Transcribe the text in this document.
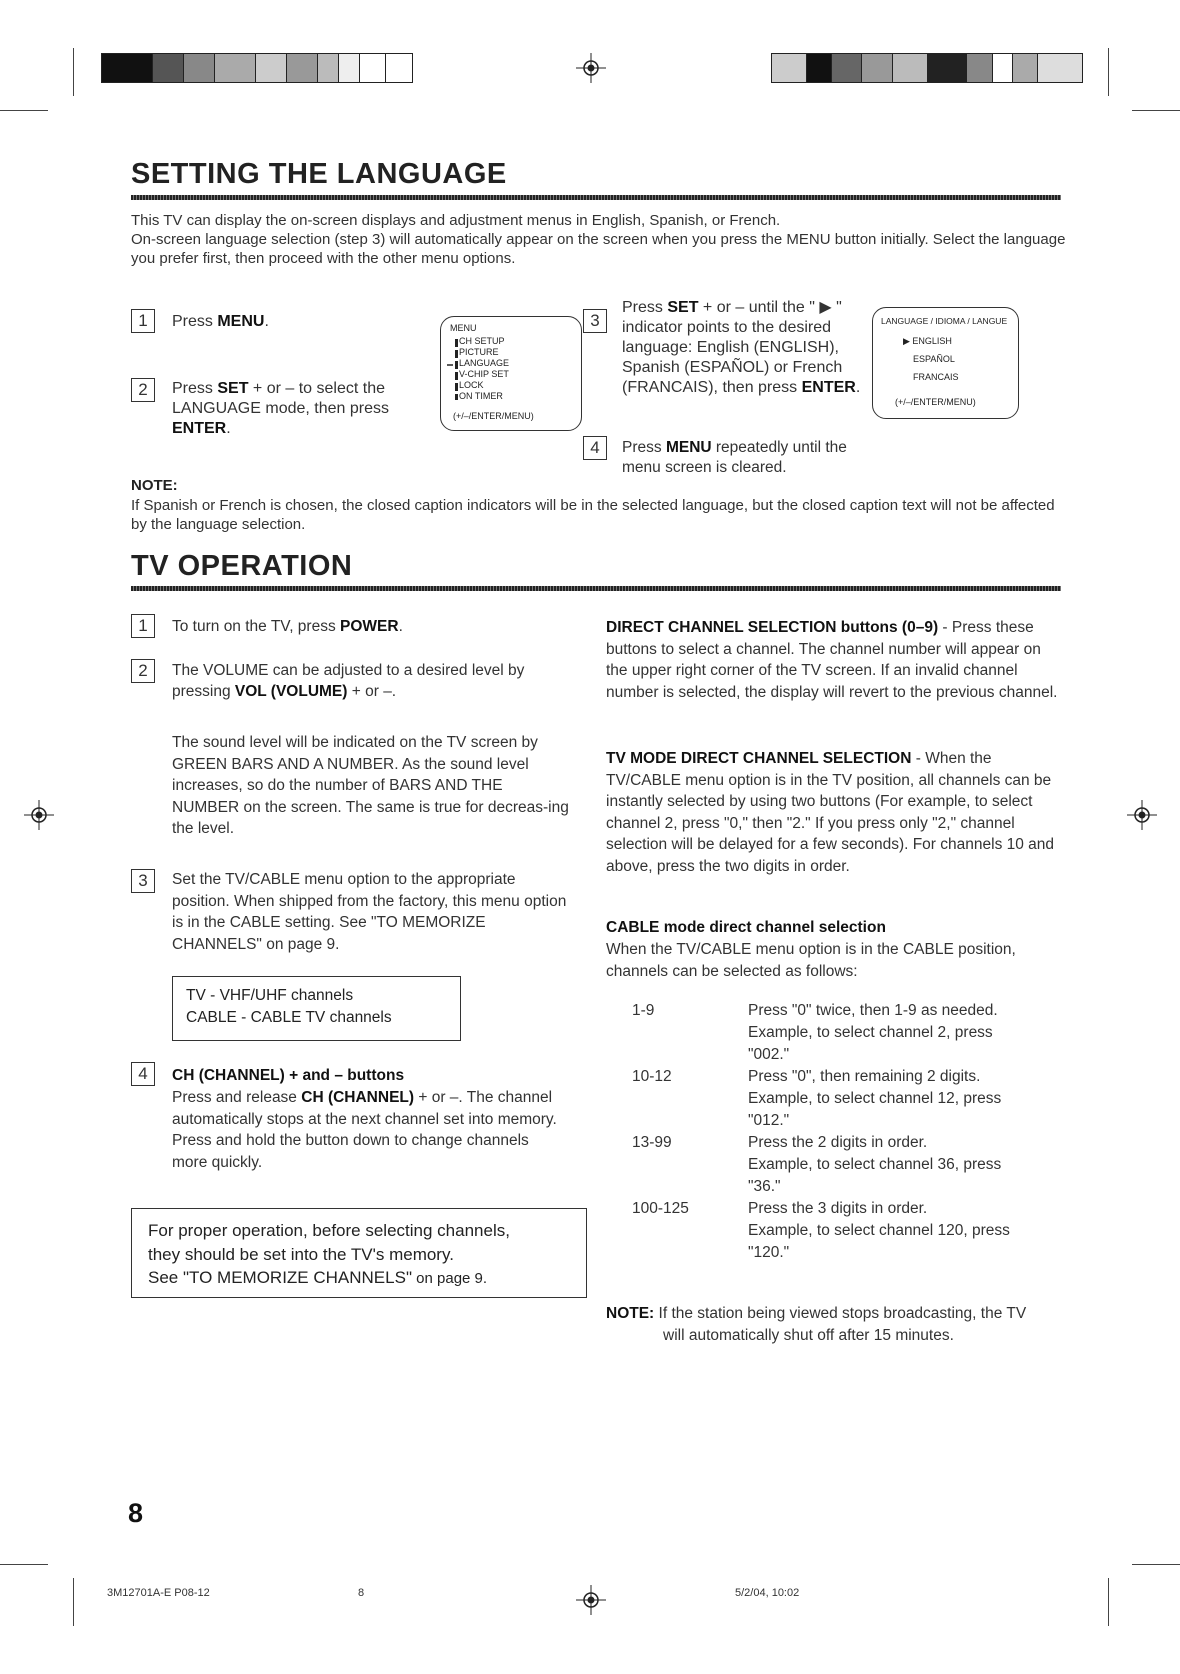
SETTING THE LANGUAGE
This TV can display the on-screen displays and adjustment menus in English, Spanish, or French.
On-screen language selection (step 3) will automatically appear on the screen when you press the MENU button initially. Select the language you prefer first, then proceed with the other menu options.
1	Press MENU.
2	Press SET + or – to select the LANGUAGE mode, then press ENTER.
MENU
CH SETUP
PICTURE
LANGUAGE
V-CHIP SET
LOCK
ON TIMER
(+/–/ENTER/MENU)
3
Press SET + or – until the " ▶ " indicator points to the desired language: English (ENGLISH), Spanish (ESPAÑOL) or French (FRANCAIS), then press ENTER.
LANGUAGE / IDIOMA / LANGUE
▶ ENGLISH
ESPAÑOL
FRANCAIS
(+/–/ENTER/MENU)
4	Press MENU repeatedly until the menu screen is cleared.
NOTE:
If Spanish or French is chosen, the closed caption indicators will be in the selected language, but the closed caption text will not be affected by the language selection.
TV OPERATION
1	To turn on the TV, press POWER.
2	The VOLUME can be adjusted to a desired level by pressing VOL (VOLUME) + or –.
The sound level will be indicated on the TV screen by GREEN BARS AND A NUMBER. As the sound level increases, so do the number of BARS AND THE NUMBER on the screen. The same is true for decreas-ing the level.
3	Set the TV/CABLE menu option to the appropriate position. When shipped from the factory, this menu option is in the CABLE setting. See "TO MEMORIZE CHANNELS" on page 9.
TV - VHF/UHF channels
CABLE - CABLE TV channels
4	CH (CHANNEL) + and – buttons
Press and release CH (CHANNEL) + or –. The channel automatically stops at the next channel set into memory. Press and hold the button down to change channels more quickly.
For proper operation, before selecting channels,
they should be set into the TV's memory.
See "TO MEMORIZE CHANNELS" on page 9.
DIRECT CHANNEL SELECTION buttons (0–9) - Press these buttons to select a channel. The channel number will appear on the upper right corner of the TV screen. If an invalid channel number is selected, the display will revert to the previous channel.
TV MODE DIRECT CHANNEL SELECTION - When the TV/CABLE menu option is in the TV position, all channels can be instantly selected by using two buttons (For example, to select channel 2, press "0," then "2." If you press only "2," channel selection will be delayed for a few seconds). For channels 10 and above, press the two digits in order.
CABLE mode direct channel selection
When the TV/CABLE menu option is in the CABLE position, channels can be selected as follows:
1-9	Press "0" twice, then 1-9 as needed.
Example, to select channel 2, press
"002."
10-12	Press "0", then remaining 2 digits.
Example, to select channel 12, press
"012."
13-99	Press the 2 digits in order.
Example, to select channel 36, press
"36."
100-125	Press the 3 digits in order.
Example, to select channel 120, press
"120."
NOTE: If the station being viewed stops broadcasting, the TV
will automatically shut off after 15 minutes.
8
3M12701A-E P08-12	8	5/2/04, 10:02
